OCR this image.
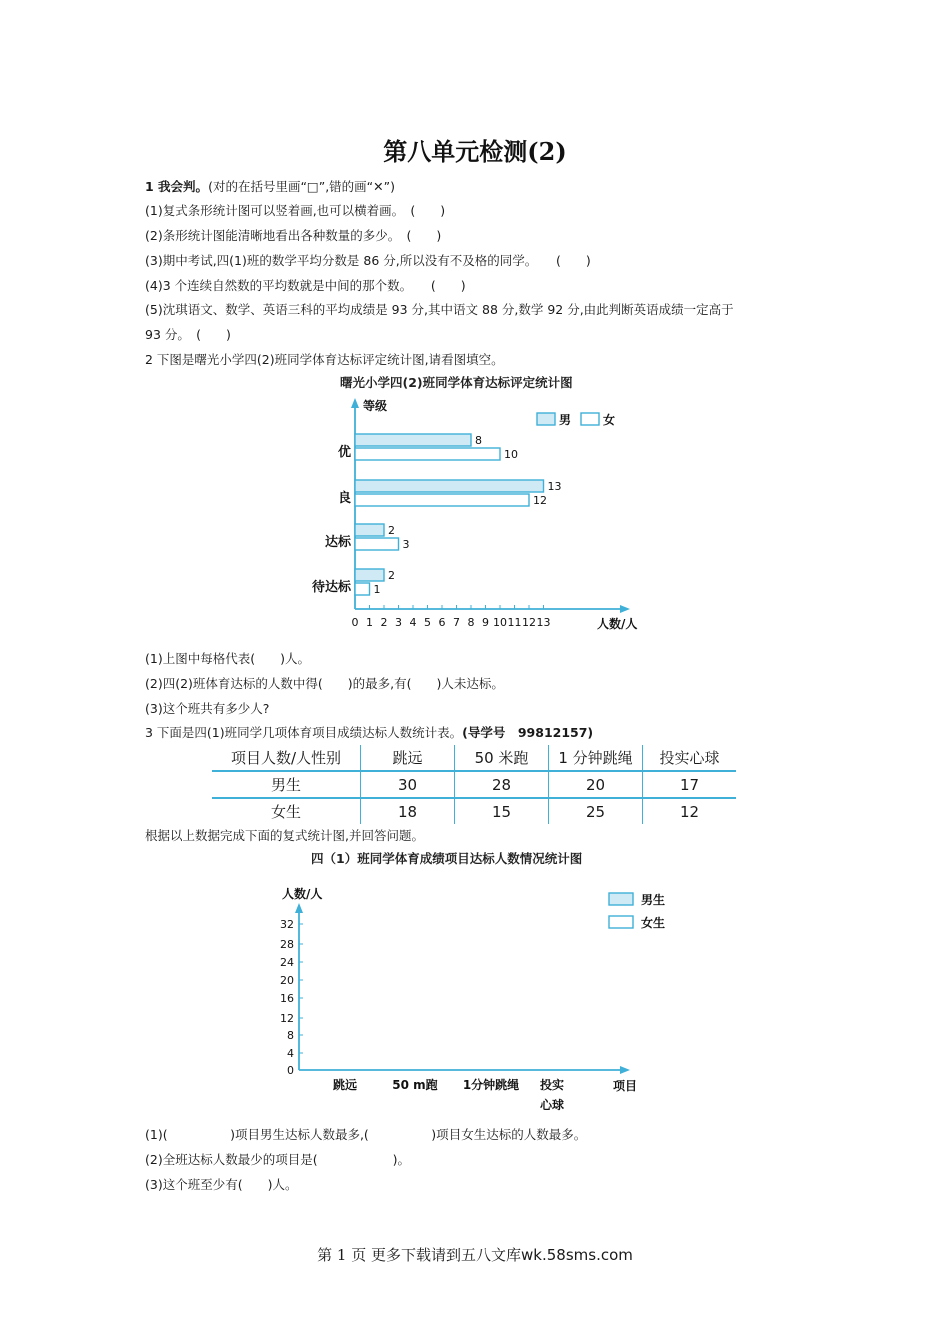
第八单元检测(2)
1 我会判。(对的在括号里画“□”,错的画“✕”)
(1)复式条形统计图可以竖着画,也可以横着画。　(　　)
(2)条形统计图能清晰地看出各种数量的多少。　(　　)
(3)期中考试,四(1)班的数学平均分数是 86 分,所以没有不及格的同学。　　(　　)
(4)3 个连续自然数的平均数就是中间的那个数。　　(　　)
(5)沈琪语文、数学、英语三科的平均成绩是 93 分,其中语文 88 分,数学 92 分,由此判断英语成绩一定高于
93 分。　(　　)
2 下图是曙光小学四(2)班同学体育达标评定统计图,请看图填空。
曙光小学四(2)班同学体育达标评定统计图
等级
人数/人
0 1 2 3 4 5 6 7 8 9 10 11 12 13
优
8
10
良
13
12
达标
2
3
待达标
2
1
男	女
(1)上图中每格代表(　　)人。
(2)四(2)班体育达标的人数中得(　　)的最多,有(　　)人未达标。
(3)这个班共有多少人?
3 下面是四(1)班同学几项体育项目成绩达标人数统计表。(导学号　99812157)
项目人数/人性别	跳远	50 米跑	1 分钟跳绳	投实心球
男生	30	28	20	17
女生	18	15	25	12
根据以上数据完成下面的复式统计图,并回答问题。
四（1）班同学体育成绩项目达标人数情况统计图
人数/人
项目
0
4
8
12
16
20
24
28
32
跳远	50 m跑 1分钟跳绳 投实
心球
男生
女生
(1)(　　　　　)项目男生达标人数最多,(　　　　　)项目女生达标的人数最多。
(2)全班达标人数最少的项目是(　　　　　　)。
(3)这个班至少有(　　)人。
第 1 页 更多下载请到五八文库wk.58sms.com
